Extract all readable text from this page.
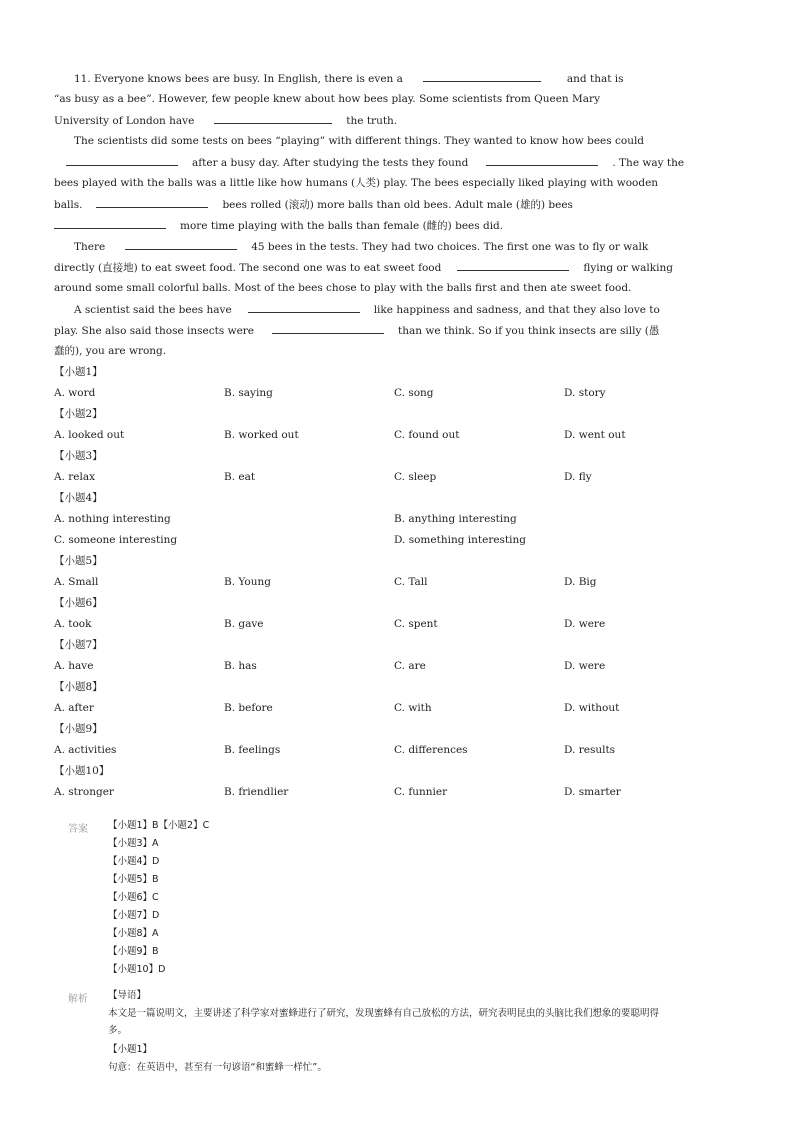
11. Everyone knows bees are busy. In English, there is even a	and that is
“as busy as a bee”. However, few people knew about how bees play. Some scientists from Queen Mary
University of London have	the truth.
The scientists did some tests on bees “playing” with different things. They wanted to know how bees could
after a busy day. After studying the tests they found	. The way the
bees played with the balls was a little like how humans (人类) play. The bees especially liked playing with wooden
balls.	bees rolled (滚动) more balls than old bees. Adult male (雄的) bees
more time playing with the balls than female (雌的) bees did.
There	45 bees in the tests. They had two choices. The first one was to fly or walk
directly (直接地) to eat sweet food. The second one was to eat sweet food	flying or walking
around some small colorful balls. Most of the bees chose to play with the balls first and then ate sweet food.
A scientist said the bees have	like happiness and sadness, and that they also love to
play. She also said those insects were	than we think. So if you think insects are silly (愚
蠢的), you are wrong.
【小题1】
A. word	B. saying	C. song	D. story
【小题2】
A. looked out	B. worked out	C. found out	D. went out
【小题3】
A. relax	B. eat	C. sleep	D. fly
【小题4】
A. nothing interesting	B. anything interesting
C. someone interesting	D. something interesting
【小题5】
A. Small	B. Young	C. Tall	D. Big
【小题6】
A. took	B. gave	C. spent	D. were
【小题7】
A. have	B. has	C. are	D. were
【小题8】
A. after	B. before	C. with	D. without
【小题9】
A. activities	B. feelings	C. differences	D. results
【小题10】
A. stronger	B. friendlier	C. funnier	D. smarter
答案 【小题1】B【小题2】C
【小题3】A
【小题4】D
【小题5】B
【小题6】C
【小题7】D
【小题8】A
【小题9】B
【小题10】D
解析 【导语】
本文是一篇说明文，主要讲述了科学家对蜜蜂进行了研究，发现蜜蜂有自己放松的方法，研究表明昆虫的头脑比我们想象的要聪明得
多。
【小题1】
句意：在英语中，甚至有一句谚语“和蜜蜂一样忙”。
